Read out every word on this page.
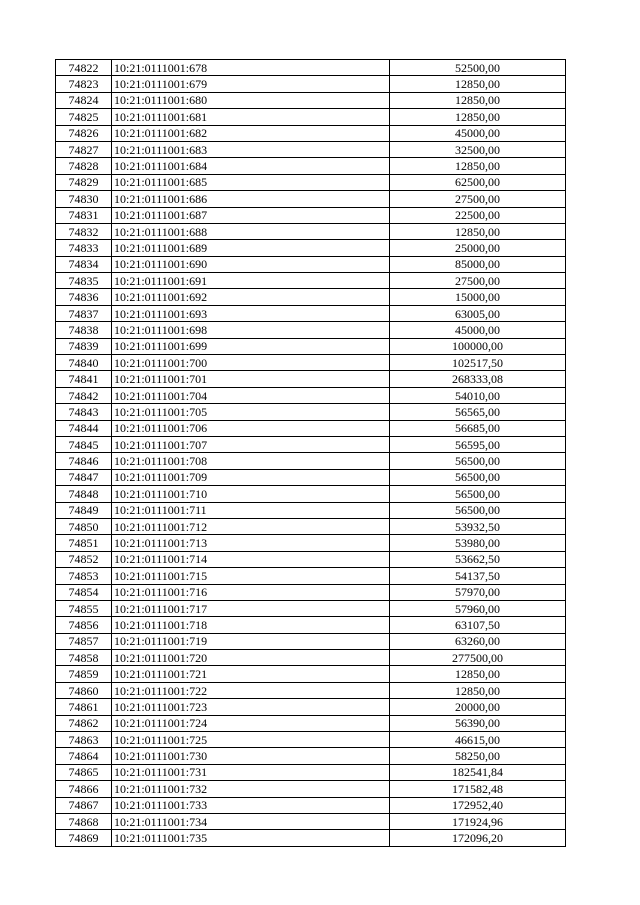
74822	10:21:0111001:678	52500,00
74823	10:21:0111001:679	12850,00
74824	10:21:0111001:680	12850,00
74825	10:21:0111001:681	12850,00
74826	10:21:0111001:682	45000,00
74827	10:21:0111001:683	32500,00
74828	10:21:0111001:684	12850,00
74829	10:21:0111001:685	62500,00
74830	10:21:0111001:686	27500,00
74831	10:21:0111001:687	22500,00
74832	10:21:0111001:688	12850,00
74833	10:21:0111001:689	25000,00
74834	10:21:0111001:690	85000,00
74835	10:21:0111001:691	27500,00
74836	10:21:0111001:692	15000,00
74837	10:21:0111001:693	63005,00
74838	10:21:0111001:698	45000,00
74839	10:21:0111001:699	100000,00
74840	10:21:0111001:700	102517,50
74841	10:21:0111001:701	268333,08
74842	10:21:0111001:704	54010,00
74843	10:21:0111001:705	56565,00
74844	10:21:0111001:706	56685,00
74845	10:21:0111001:707	56595,00
74846	10:21:0111001:708	56500,00
74847	10:21:0111001:709	56500,00
74848	10:21:0111001:710	56500,00
74849	10:21:0111001:711	56500,00
74850	10:21:0111001:712	53932,50
74851	10:21:0111001:713	53980,00
74852	10:21:0111001:714	53662,50
74853	10:21:0111001:715	54137,50
74854	10:21:0111001:716	57970,00
74855	10:21:0111001:717	57960,00
74856	10:21:0111001:718	63107,50
74857	10:21:0111001:719	63260,00
74858	10:21:0111001:720	277500,00
74859	10:21:0111001:721	12850,00
74860	10:21:0111001:722	12850,00
74861	10:21:0111001:723	20000,00
74862	10:21:0111001:724	56390,00
74863	10:21:0111001:725	46615,00
74864	10:21:0111001:730	58250,00
74865	10:21:0111001:731	182541,84
74866	10:21:0111001:732	171582,48
74867	10:21:0111001:733	172952,40
74868	10:21:0111001:734	171924,96
74869	10:21:0111001:735	172096,20
